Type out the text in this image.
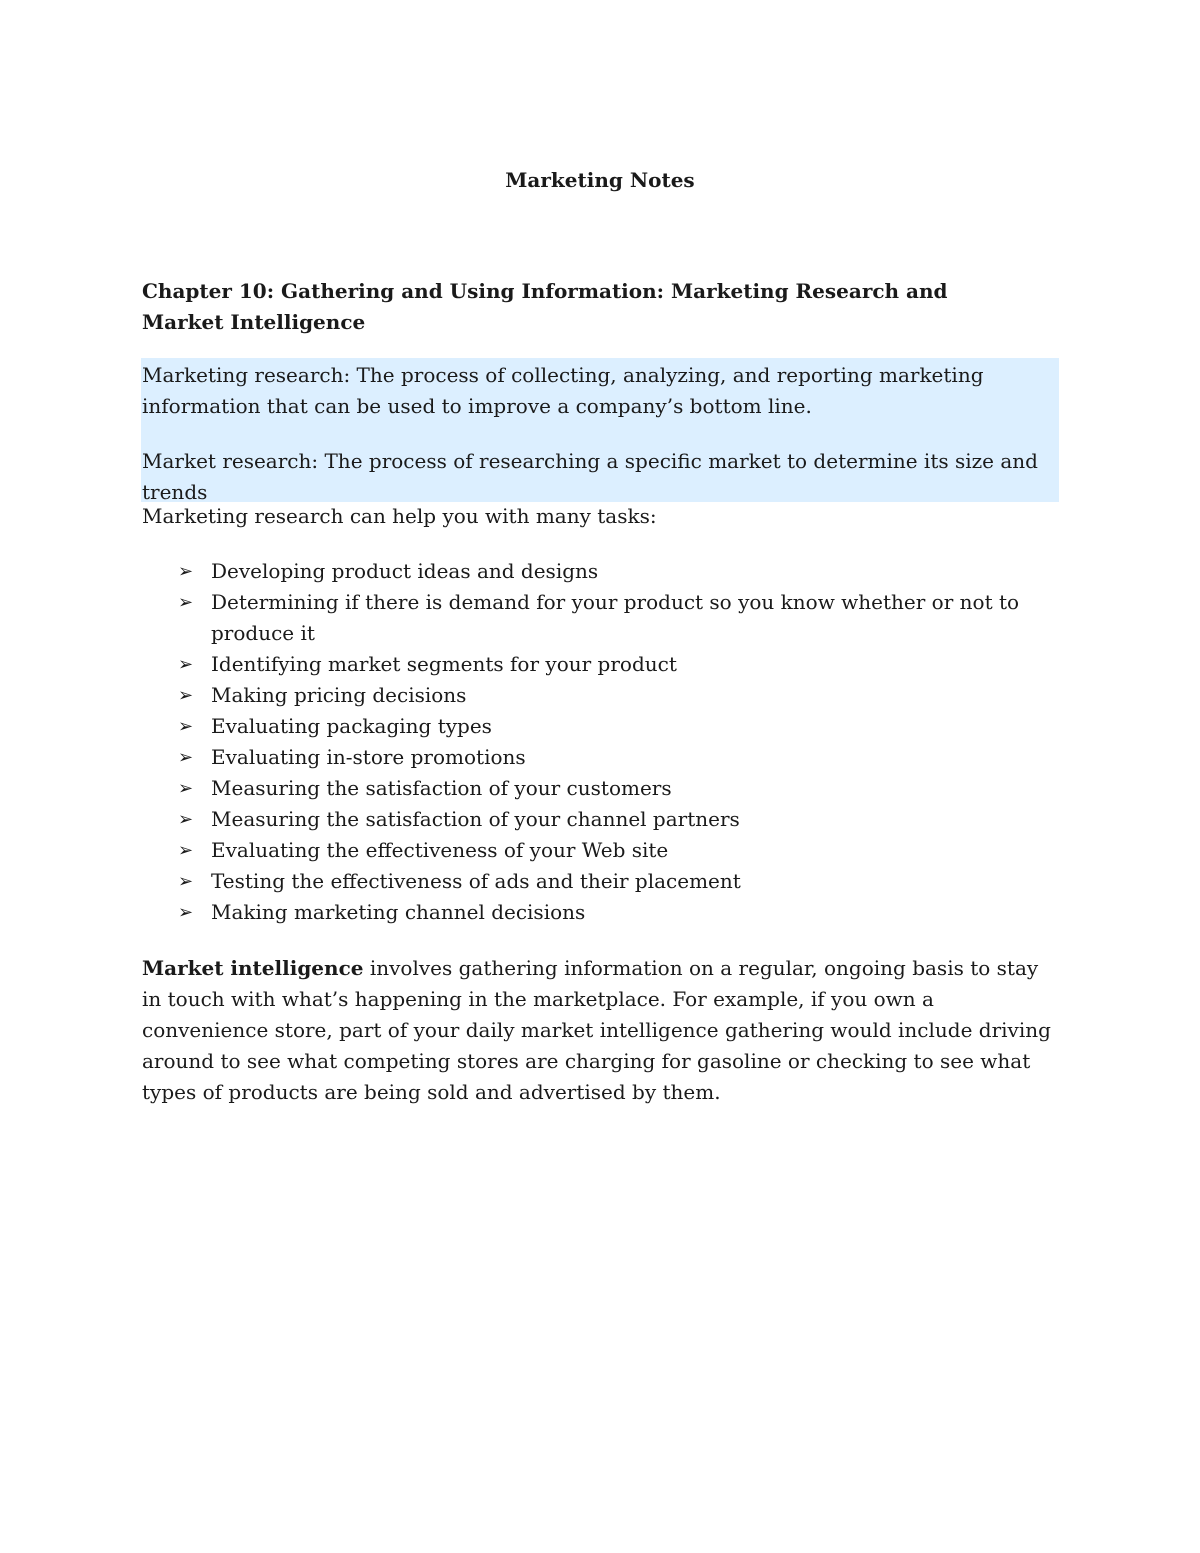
Marketing Notes
Chapter 10: Gathering and Using Information: Marketing Research and Market Intelligence

Marketing research: The process of collecting, analyzing, and reporting marketing information that can be used to improve a company’s bottom line.

Market research: The process of researching a specific market to determine its size and trends

Marketing research can help you with many tasks:

➢ Developing product ideas and designs
➢ Determining if there is demand for your product so you know whether or not to produce it
➢ Identifying market segments for your product
➢ Making pricing decisions
➢ Evaluating packaging types
➢ Evaluating in-store promotions
➢ Measuring the satisfaction of your customers
➢ Measuring the satisfaction of your channel partners
➢ Evaluating the effectiveness of your Web site
➢ Testing the effectiveness of ads and their placement
➢ Making marketing channel decisions

Market intelligence involves gathering information on a regular, ongoing basis to stay in touch with what’s happening in the marketplace. For example, if you own a convenience store, part of your daily market intelligence gathering would include driving around to see what competing stores are charging for gasoline or checking to see what types of products are being sold and advertised by them.
